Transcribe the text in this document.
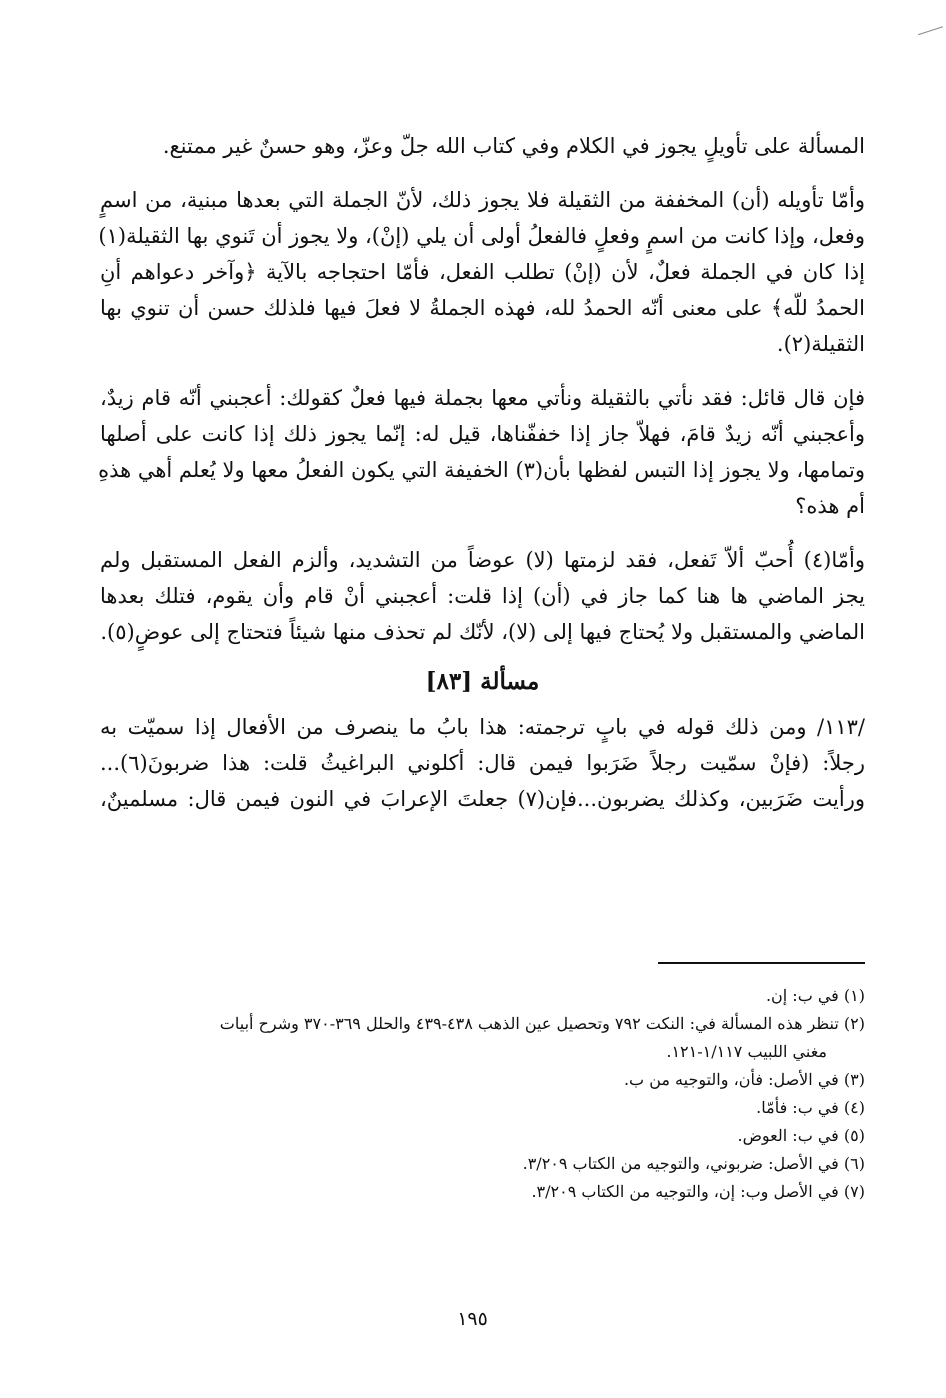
المسألة على تأويلٍ يجوز في الكلام وفي كتاب الله جلّ وعزّ، وهو حسنٌ غير ممتنع.

وأمّا تأويله (أن) المخففة من الثقيلة فلا يجوز ذلك، لأنّ الجملة التي بعدها مبنية، من اسمٍ
وفعل، وإذا كانت من اسمٍ وفعلٍ فالفعلُ أولى أن يلي (إنْ)، ولا يجوز أن تَنوي بها الثقيلة(١)
إذا كان في الجملة فعلٌ، لأن (إنْ) تطلب الفعل، فأمّا احتجاجه بالآية ﴿وآخر دعواهم أنِ
الحمدُ للّه﴾ على معنى أنّه الحمدُ لله، فهذه الجملةُ لا فعلَ فيها فلذلك حسن أن تنوي بها
الثقيلة(٢).

فإن قال قائل: فقد نأتي بالثقيلة ونأتي معها بجملة فيها فعلٌ كقولك: أعجبني أنّه قام زيدٌ،
وأعجبني أنّه زيدٌ قامَ، فهلاّ جاز إذا خففّناها، قيل له: إنّما يجوز ذلك إذا كانت على أصلها
وتمامها، ولا يجوز إذا التبس لفظها بأن(٣) الخفيفة التي يكون الفعلُ معها ولا يُعلم أهي هذهِ
أم هذه؟

وأمّا(٤) أُحبّ ألاّ تَفعل، فقد لزمتها (لا) عوضاً من التشديد، وألزم الفعل المستقبل ولم
يجز الماضي ها هنا كما جاز في (أن) إذا قلت: أعجبني أنْ قام وأن يقوم، فتلك بعدها
الماضي والمستقبل ولا يُحتاج فيها إلى (لا)، لأنّك لم تحذف منها شيئاً فتحتاج إلى عوضٍ(٥).

مسألة [٨٣]

/١١٣/ ومن ذلك قوله في بابٍ ترجمته: هذا بابُ ما ينصرف من الأفعال إذا سميّت به
رجلاً: (فإنْ سمّيت رجلاً ضَرَبوا فيمن قال: أكلوني البراغيثُ قلت: هذا ضربونَ(٦)...
ورأيت ضَرَبين، وكذلك يضربون...فإن(٧) جعلتَ الإعرابَ في النون فيمن قال: مسلمينٌ،

(١) في ب: إن.
(٢) تنظر هذه المسألة في: النكت ٧٩٢ وتحصيل عين الذهب ٤٣٨-٤٣٩ والحلل ٣٦٩-٣٧٠ وشرح أبيات
مغني اللبيب ١/١١٧-١٢١.
(٣) في الأصل: فأن، والتوجيه من ب.
(٤) في ب: فأمّا.
(٥) في ب: العوض.
(٦) في الأصل: ضربوني، والتوجيه من الكتاب ٣/٢٠٩.
(٧) في الأصل وب: إن، والتوجيه من الكتاب ٣/٢٠٩.
١٩٥
